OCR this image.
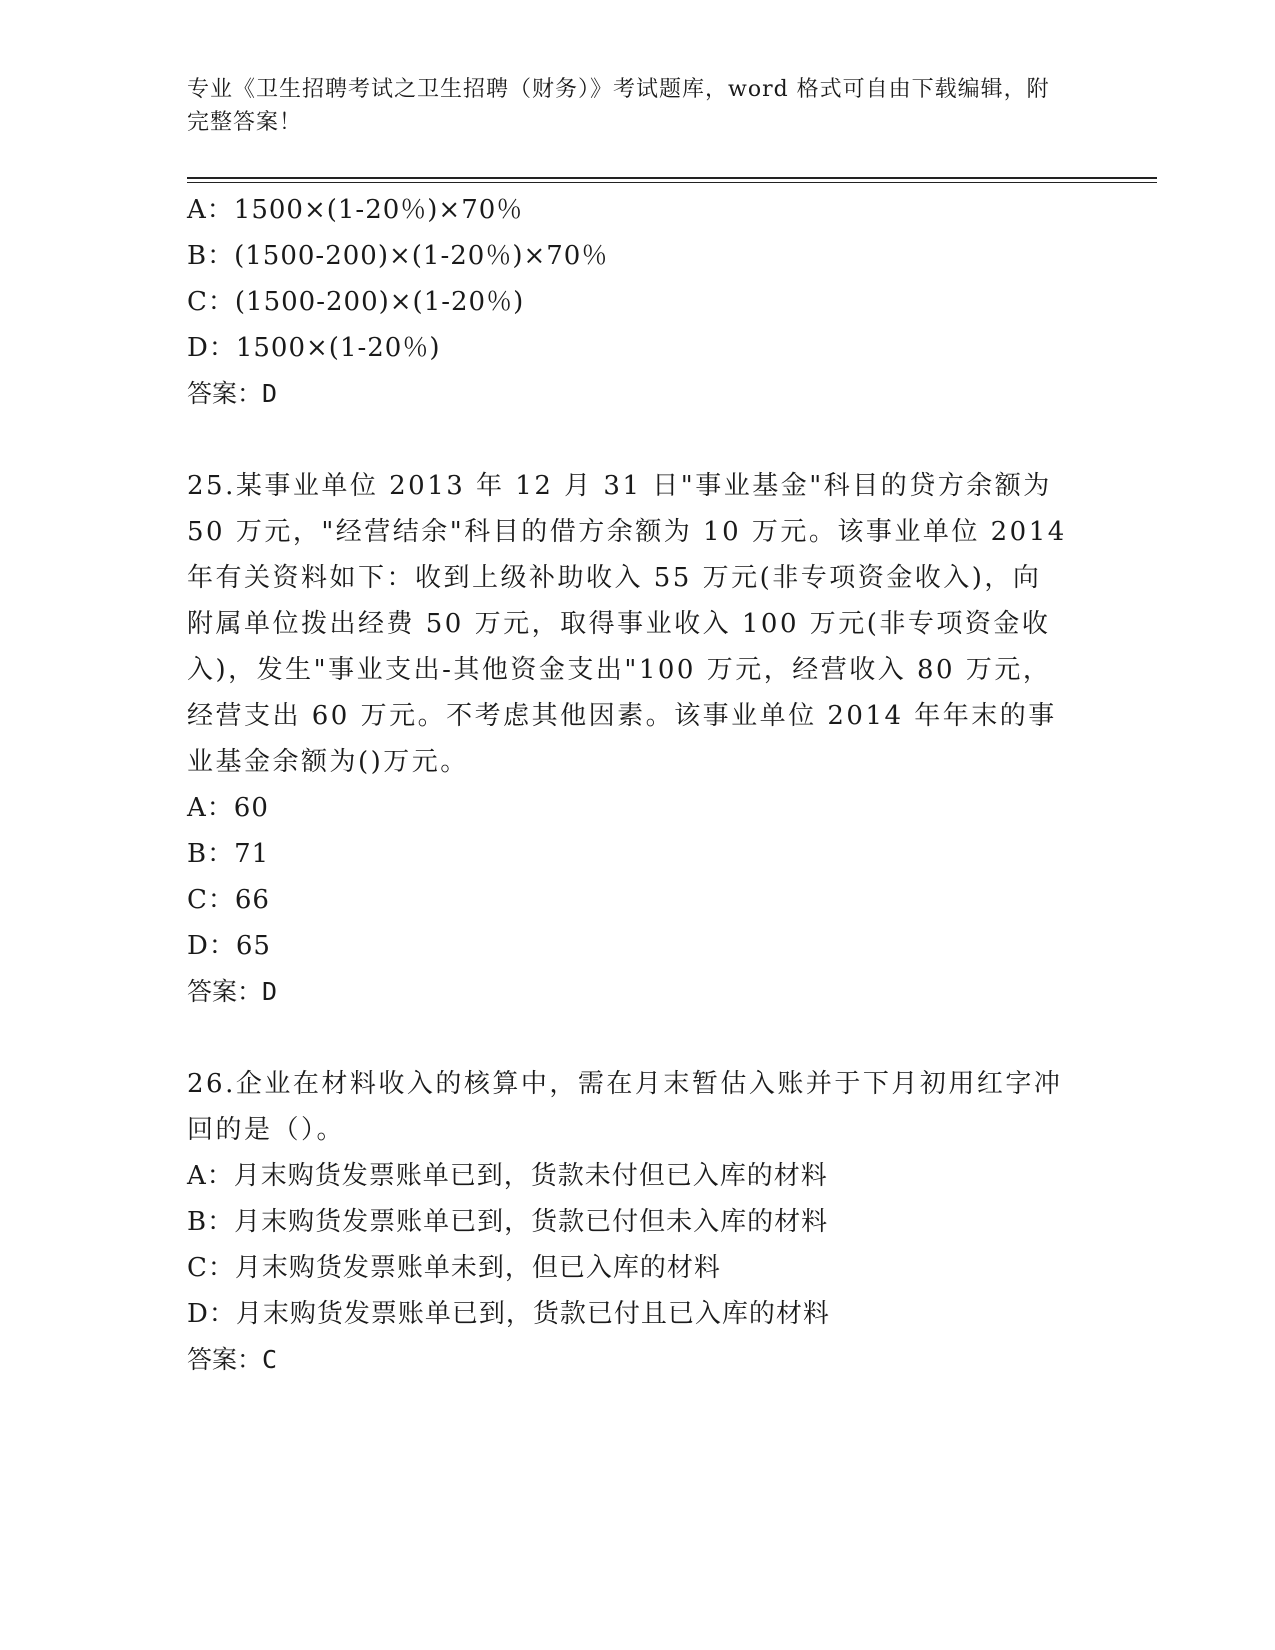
专业《卫生招聘考试之卫生招聘（财务）》考试题库，word 格式可自由下载编辑，附完整答案！
A：1500×(1-20％)×70％
B：(1500-200)×(1-20％)×70％
C：(1500-200)×(1-20％)
D：1500×(1-20％)
答案：D
25.某事业单位 2013 年 12 月 31 日"事业基金"科目的贷方余额为 50 万元，"经营结余"科目的借方余额为 10 万元。该事业单位 2014 年有关资料如下：收到上级补助收入 55 万元(非专项资金收入)，向附属单位拨出经费 50 万元，取得事业收入 100 万元(非专项资金收入)，发生"事业支出-其他资金支出"100 万元，经营收入 80 万元，经营支出 60 万元。不考虑其他因素。该事业单位 2014 年年末的事业基金余额为()万元。
A：60
B：71
C：66
D：65
答案：D
26.企业在材料收入的核算中，需在月末暂估入账并于下月初用红字冲回的是（）。
A：月末购货发票账单已到，货款未付但已入库的材料
B：月末购货发票账单已到，货款已付但未入库的材料
C：月末购货发票账单未到，但已入库的材料
D：月末购货发票账单已到，货款已付且已入库的材料
答案：C
